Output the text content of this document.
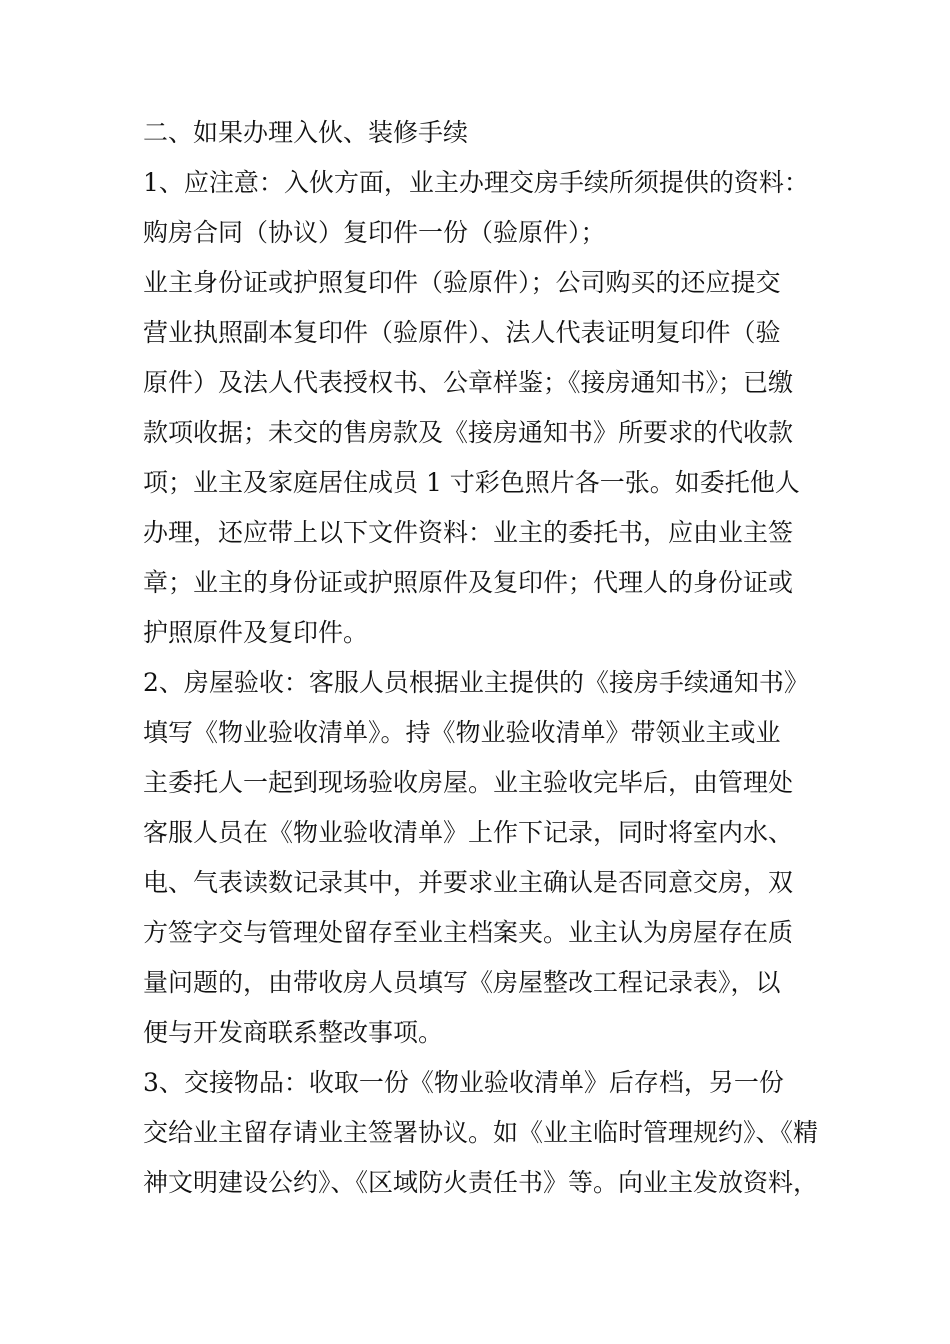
二、如果办理入伙、装修手续
1、应注意：入伙方面，业主办理交房手续所须提供的资料：
购房合同（协议）复印件一份（验原件）；
业主身份证或护照复印件（验原件）；公司购买的还应提交
营业执照副本复印件（验原件）、法人代表证明复印件（验
原件）及法人代表授权书、公章样鉴；《接房通知书》；已缴
款项收据；未交的售房款及《接房通知书》所要求的代收款
项；业主及家庭居住成员 1 寸彩色照片各一张。如委托他人
办理，还应带上以下文件资料：业主的委托书，应由业主签
章；业主的身份证或护照原件及复印件；代理人的身份证或
护照原件及复印件。
2、房屋验收：客服人员根据业主提供的《接房手续通知书》
填写《物业验收清单》。持《物业验收清单》带领业主或业
主委托人一起到现场验收房屋。业主验收完毕后，由管理处
客服人员在《物业验收清单》上作下记录，同时将室内水、
电、气表读数记录其中，并要求业主确认是否同意交房，双
方签字交与管理处留存至业主档案夹。业主认为房屋存在质
量问题的，由带收房人员填写《房屋整改工程记录表》，以
便与开发商联系整改事项。
3、交接物品：收取一份《物业验收清单》后存档，另一份
交给业主留存请业主签署协议。如《业主临时管理规约》、《精
神文明建设公约》、《区域防火责任书》等。向业主发放资料，
